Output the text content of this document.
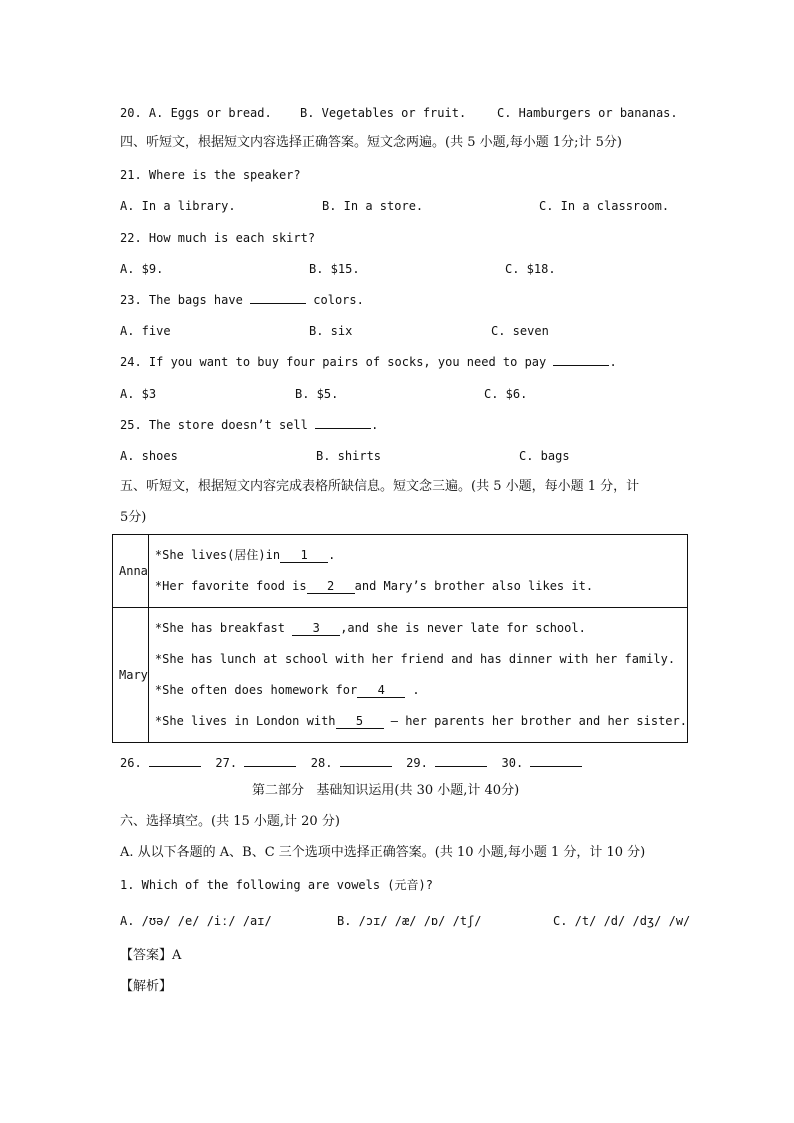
20. A. Eggs or bread. B. Vegetables or fruit.	C. Hamburgers or bananas.
四、听短文，根据短文内容选择正确答案。短文念两遍。(共 5 小题,每小题 1分;计 5分)
21. Where is the speaker?
A. In a library.	B. In a store.	C. In a classroom.
22. How much is each skirt?
A. $9.	B. $15.	C. $18.
23. The bags have	colors.
A. five	B. six	C. seven
24. If you want to buy four pairs of socks, you need to pay	.
A. $3	B. $5.	C. $6.
25. The store doesn’t sell	.
A. shoes	B. shirts	C. bags
五、听短文，根据短文内容完成表格所缺信息。短文念三遍。(共 5 小题，每小题 1 分，计
5分)
Anna	*She lives(居住)in 1 .
*Her favorite food is 2 and Mary’s brother also likes it.

Mary	*She has breakfast 3 ,and she is never late for school.
*She has lunch at school with her friend and has dinner with her family.
*She often does homework for 4 .
*She lives in London with 5 — her parents her brother and her sister.
26.	27.	28.	29.	30.
第二部分   基础知识运用(共 30 小题,计 40分)
六、选择填空。(共 15 小题,计 20 分)
A. 从以下各题的 A、B、C 三个选项中选择正确答案。(共 10 小题,每小题 1 分，计 10 分)
1. Which of the following are vowels (元音)?
A. /ʊə/ /e/ /iː/ /aɪ/	B. /ɔɪ/ /æ/ /ɒ/ /tʃ/	C. /t/ /d/ /dʒ/ /w/
【答案】A
【解析】
